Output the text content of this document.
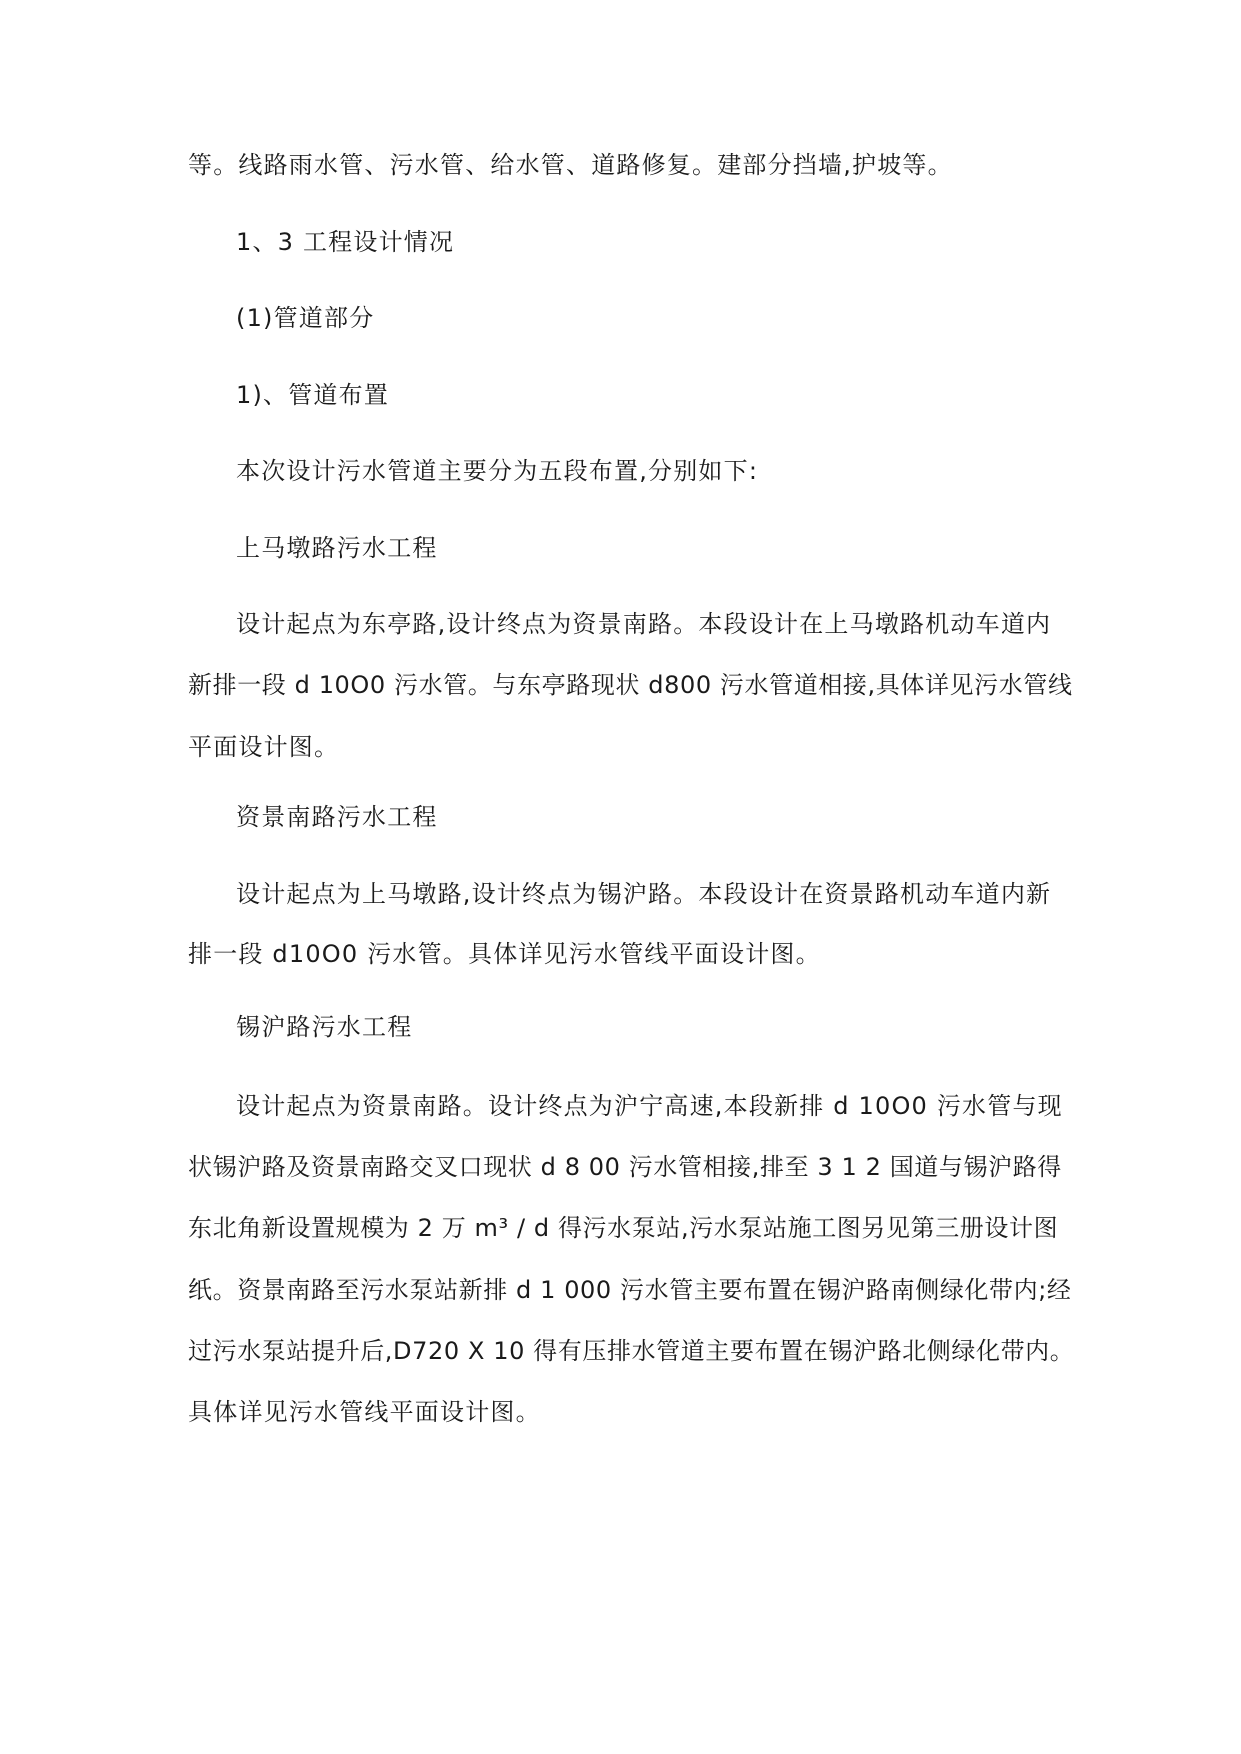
等。线路雨水管、污水管、给水管、道路修复。建部分挡墙,护坡等。
1、3 工程设计情况
(1)管道部分
1)、管道布置
本次设计污水管道主要分为五段布置,分别如下:
上马墩路污水工程
设计起点为东亭路,设计终点为资景南路。本段设计在上马墩路机动车道内
新排一段 d 10O0 污水管。与东亭路现状 d800 污水管道相接,具体详见污水管线
平面设计图。
资景南路污水工程
设计起点为上马墩路,设计终点为锡沪路。本段设计在资景路机动车道内新
排一段 d10O0 污水管。具体详见污水管线平面设计图。
锡沪路污水工程
设计起点为资景南路。设计终点为沪宁高速,本段新排 d 10O0 污水管与现
状锡沪路及资景南路交叉口现状 d 8 00 污水管相接,排至 3 1 2 国道与锡沪路得
东北角新设置规模为 2 万 m³ / d 得污水泵站,污水泵站施工图另见第三册设计图
纸。资景南路至污水泵站新排 d 1 000 污水管主要布置在锡沪路南侧绿化带内;经
过污水泵站提升后,D720 X 10 得有压排水管道主要布置在锡沪路北侧绿化带内。
具体详见污水管线平面设计图。
